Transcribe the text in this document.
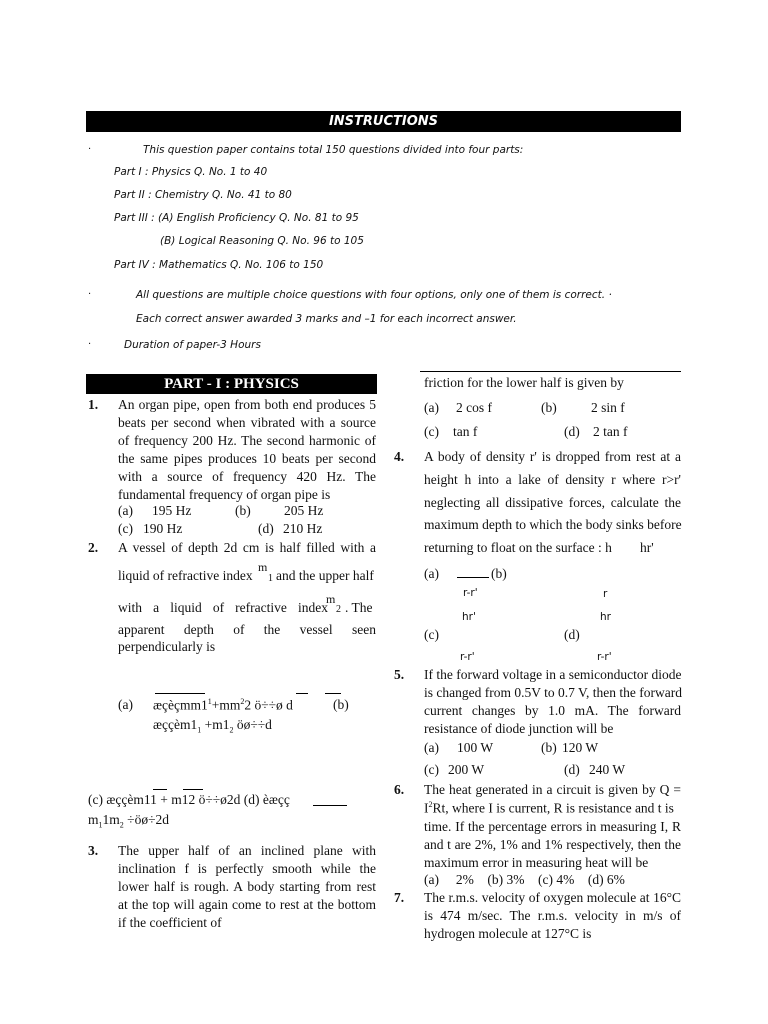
INSTRUCTIONS
·	This question paper contains total 150 questions divided into four parts:
Part I : Physics Q. No. 1 to 40
Part II : Chemistry Q. No. 41 to 80
Part III : (A) English Proficiency Q. No. 81 to 95
(B) Logical Reasoning Q. No. 96 to 105
Part IV : Mathematics Q. No. 106 to 150
·	All questions are multiple choice questions with four options, only one of them is correct. ·
Each correct answer awarded 3 marks and –1 for each incorrect answer.
·	Duration of paper-3 Hours
PART - I : PHYSICS
1. An organ pipe, open from both end produces 5
beats per second when vibrated with a source
of frequency 200 Hz. The second harmonic of
the same pipes produces 10 beats per second
with a source of frequency 420 Hz. The
fundamental frequency of organ pipe is
(a) 195 Hz	(b) 205 Hz
(c) 190 Hz	(d) 210 Hz
2. A vessel of depth 2d cm is half filled with a
liquid of refractive index
m
1 and the upper half
with a liquid of refractive index
m
2 . The
apparent depth of the vessel seen
perpendicularly is
(a) $æçèçmm1^1+mm^22$ ö÷÷ø d	(b)
$æççèm1_1 +m1_2$ öø÷÷d
(c) æççèm11 + m12 ö÷÷ø2d (d) èæçç
$m_11m_2$ ÷öø÷2d
3. The upper half of an inclined plane with
inclination f is perfectly smooth while the
lower half is rough. A body starting from rest
at the top will again come to rest at the bottom
if the coefficient of
friction for the lower half is given by
(a) 2 cos f	(b)	2 sin f
(c) tan f	(d) 2 tan f
4. A body of density r' is dropped from rest at a
height h into a lake of density r where r>r'
neglecting all dissipative forces, calculate the
maximum depth to which the body sinks before
returning to float on the surface : h hr'
(a)	(b)
r-r'	r
hr'	hr
(c)	(d)
r-r'	r-r'
5. If the forward voltage in a semiconductor diode
is changed from 0.5V to 0.7 V, then the forward
current changes by 1.0 mA. The forward
resistance of diode junction will be
(a) 100 W	(b) 120 W
(c) 200 W	(d) 240 W
6. The heat generated in a circuit is given by Q =
$I^2Rt$, where I is current, R is resistance and t is
time. If the percentage errors in measuring I, R
and t are 2%, 1% and 1% respectively, then the
maximum error in measuring heat will be
(a)     2%    (b) 3%    (c) 4%    (d) 6%
7. The r.m.s. velocity of oxygen molecule at 16°C
is 474 m/sec. The r.m.s. velocity in m/s of
hydrogen molecule at 127°C is
